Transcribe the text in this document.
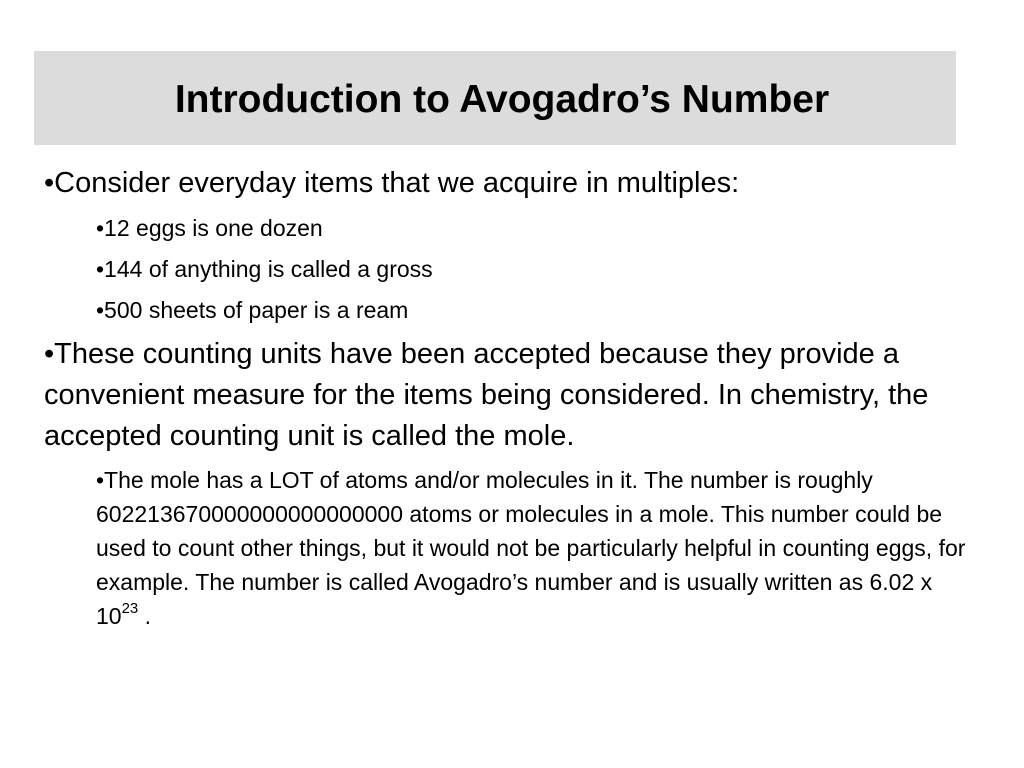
Introduction to Avogadro’s Number

•Consider everyday items that we acquire in multiples:

•12 eggs is one dozen

•144 of anything is called a gross

•500 sheets of paper is a ream

•These counting units have been accepted because they provide a convenient measure for the items being considered. In chemistry, the accepted counting unit is called the mole.

•The mole has a LOT of atoms and/or molecules in it. The number is roughly 602213670000000000000000 atoms or molecules in a mole. This number could be used to count other things, but it would not be particularly helpful in counting eggs, for example. The number is called Avogadro’s number and is usually written as 6.02 x $10^{23}$ .
